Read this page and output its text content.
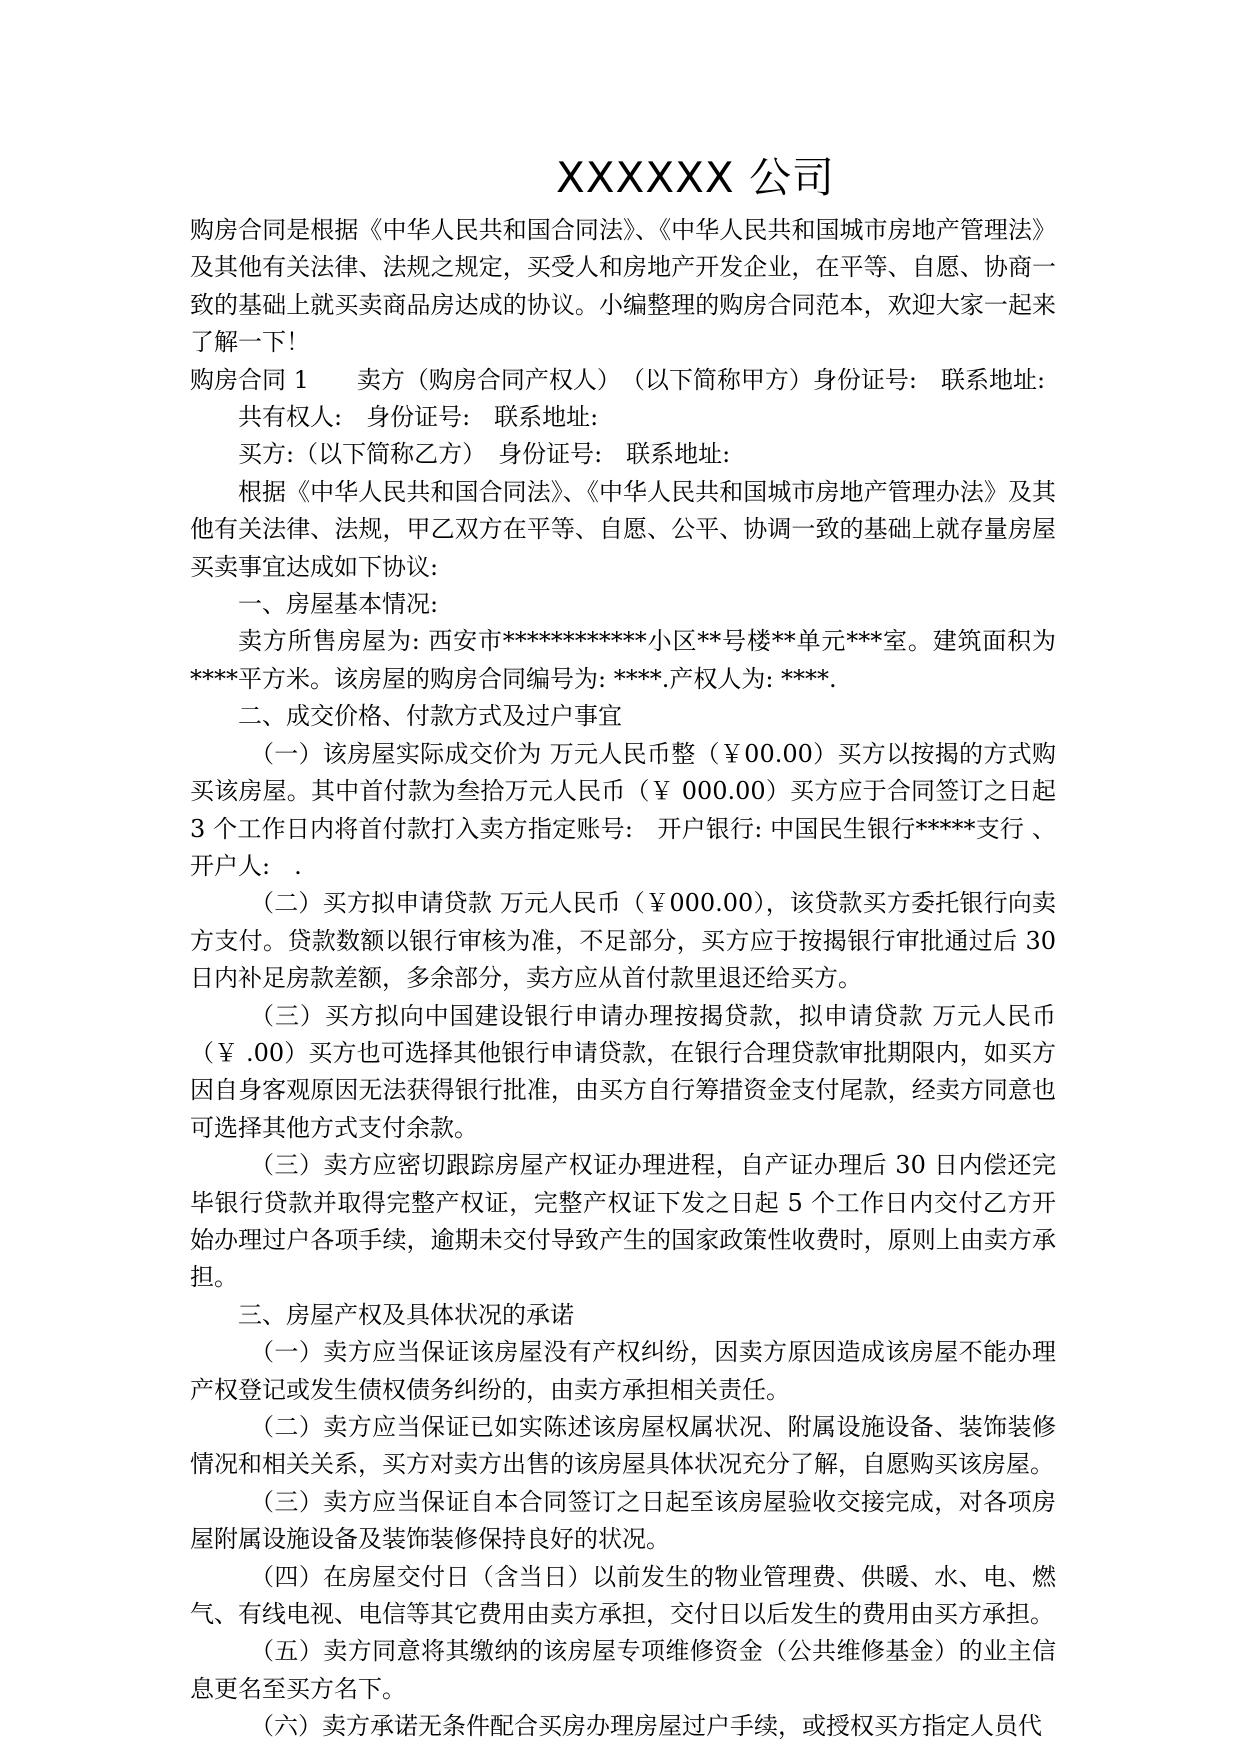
XXXXXX 公司

购房合同是根据《中华人民共和国合同法》、《中华人民共和国城市房地产管理法》及其他有关法律、法规之规定，买受人和房地产开发企业，在平等、自愿、协商一致的基础上就买卖商品房达成的协议。小编整理的购房合同范本，欢迎大家一起来了解一下！

购房合同 1　　卖方（购房合同产权人）　（以下简称甲方）身份证号:　联系地址:

共有权人:　身份证号:　联系地址:

买方:（以下简称乙方）　身份证号:　联系地址:

根据《中华人民共和国合同法》、《中华人民共和国城市房地产管理办法》及其他有关法律、法规，甲乙双方在平等、自愿、公平、协调一致的基础上就存量房屋买卖事宜达成如下协议:

一、房屋基本情况:

卖方所售房屋为: 西安市************小区**号楼**单元***室。建筑面积为****平方米。该房屋的购房合同编号为: ****.产权人为: ****.

二、成交价格、付款方式及过户事宜

（一）该房屋实际成交价为 万元人民币整（￥00.00）买方以按揭的方式购买该房屋。其中首付款为叁拾万元人民币（￥ 000.00）买方应于合同签订之日起 3 个工作日内将首付款打入卖方指定账号:　开户银行: 中国民生银行*****支行 、开户人:　.

（二）买方拟申请贷款 万元人民币（￥000.00），该贷款买方委托银行向卖方支付。贷款数额以银行审核为准，不足部分，买方应于按揭银行审批通过后 30 日内补足房款差额，多余部分，卖方应从首付款里退还给买方。

（三）买方拟向中国建设银行申请办理按揭贷款，拟申请贷款 万元人民币（￥ .00）买方也可选择其他银行申请贷款，在银行合理贷款审批期限内，如买方因自身客观原因无法获得银行批准，由买方自行筹措资金支付尾款，经卖方同意也可选择其他方式支付余款。

（三）卖方应密切跟踪房屋产权证办理进程，自产证办理后 30 日内偿还完毕银行贷款并取得完整产权证，完整产权证下发之日起 5 个工作日内交付乙方开始办理过户各项手续，逾期未交付导致产生的国家政策性收费时，原则上由卖方承担。

三、房屋产权及具体状况的承诺

（一）卖方应当保证该房屋没有产权纠纷，因卖方原因造成该房屋不能办理产权登记或发生债权债务纠纷的，由卖方承担相关责任。

（二）卖方应当保证已如实陈述该房屋权属状况、附属设施设备、装饰装修情况和相关关系，买方对卖方出售的该房屋具体状况充分了解，自愿购买该房屋。

（三）卖方应当保证自本合同签订之日起至该房屋验收交接完成，对各项房屋附属设施设备及装饰装修保持良好的状况。

（四）在房屋交付日（含当日）以前发生的物业管理费、供暖、水、电、燃气、有线电视、电信等其它费用由卖方承担，交付日以后发生的费用由买方承担。

（五）卖方同意将其缴纳的该房屋专项维修资金（公共维修基金）的业主信息更名至买方名下。

（六）卖方承诺无条件配合买房办理房屋过户手续，或授权买方指定人员代
